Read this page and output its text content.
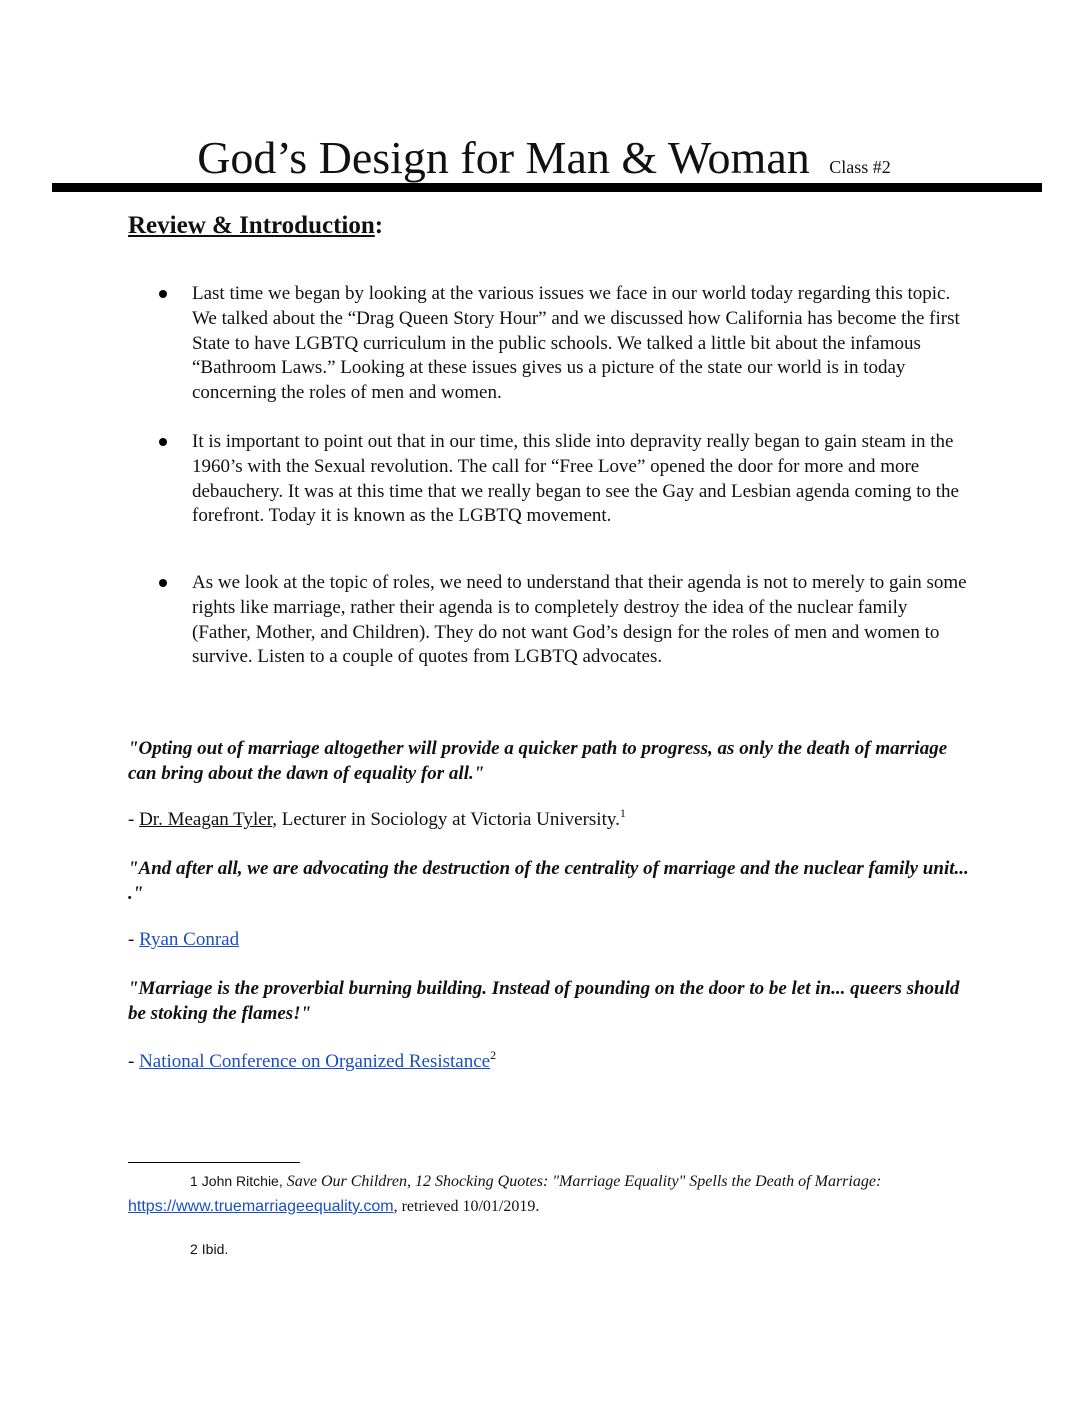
God’s Design for Man & Woman Class #2
Review & Introduction:
Last time we began by looking at the various issues we face in our world today regarding this topic. We talked about the “Drag Queen Story Hour” and we discussed how California has become the first State to have LGBTQ curriculum in the public schools. We talked a little bit about the infamous “Bathroom Laws.” Looking at these issues gives us a picture of the state our world is in today concerning the roles of men and women.
It is important to point out that in our time, this slide into depravity really began to gain steam in the 1960’s with the Sexual revolution. The call for “Free Love” opened the door for more and more debauchery. It was at this time that we really began to see the Gay and Lesbian agenda coming to the forefront. Today it is known as the LGBTQ movement.
As we look at the topic of roles, we need to understand that their agenda is not to merely to gain some rights like marriage, rather their agenda is to completely destroy the idea of the nuclear family (Father, Mother, and Children). They do not want God’s design for the roles of men and women to survive. Listen to a couple of quotes from LGBTQ advocates.
"Opting out of marriage altogether will provide a quicker path to progress, as only the death of marriage can bring about the dawn of equality for all."
- Dr. Meagan Tyler, Lecturer in Sociology at Victoria University.$^1$
"And after all, we are advocating the destruction of the centrality of marriage and the nuclear family unit... ."
- Ryan Conrad
"Marriage is the proverbial burning building. Instead of pounding on the door to be let in... queers should be stoking the flames!"
- National Conference on Organized Resistance$^2$
1 John Ritchie, Save Our Children, 12 Shocking Quotes: "Marriage Equality" Spells the Death of Marriage: https://www.truemarriageequality.com, retrieved 10/01/2019.
2 Ibid.
